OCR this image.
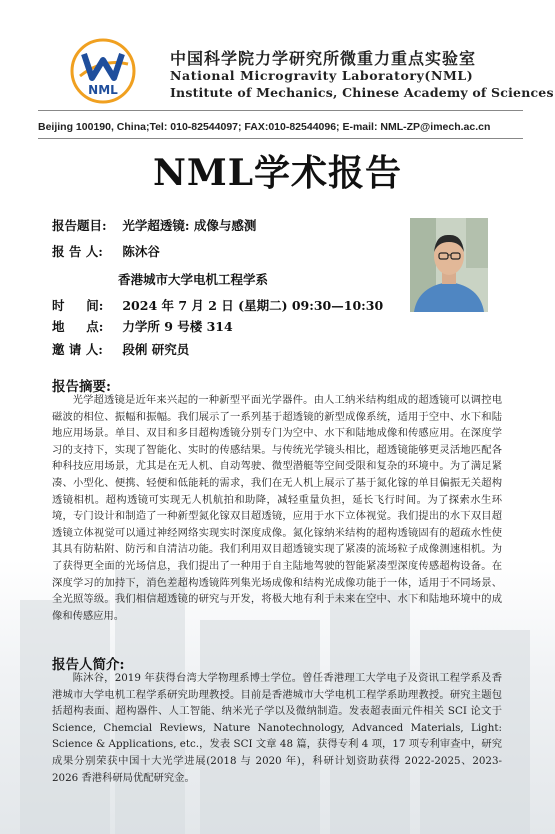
NML
中国科学院力学研究所微重力重点实验室
National Microgravity Laboratory(NML)
Institute of Mechanics, Chinese Academy of Sciences
Beijing 100190, China;Tel: 010-82544097; FAX:010-82544096; E-mail: NML-ZP@imech.ac.cn
NML学术报告
报告题目: 光学超透镜: 成像与感测
报 告 人: 陈沐谷
香港城市大学电机工程学系
时     间: 2024 年 7 月 2 日 (星期二) 09:30—10:30
地     点: 力学所 9 号楼 314
邀 请 人: 段俐 研究员
报告摘要:

光学超透镜是近年来兴起的一种新型平面光学器件。由人工纳米结构组成的超透镜可以调控电磁波的相位、振幅和振幅。我们展示了一系列基于超透镜的新型成像系统，适用于空中、水下和陆地应用场景。单目、双目和多目超构透镜分别专门为空中、水下和陆地成像和传感应用。在深度学习的支持下，实现了智能化、实时的传感结果。与传统光学镜头相比，超透镜能够更灵活地匹配各种科技应用场景，尤其是在无人机、自动驾驶、微型潜艇等空间受限和复杂的环境中。为了满足紧凑、小型化、便携、轻便和低能耗的需求，我们在无人机上展示了基于氮化镓的单目偏振无关超构透镜相机。超构透镜可实现无人机航拍和助降，减轻重量负担，延长飞行时间。为了探索水生环境，专门设计和制造了一种新型氮化镓双目超透镜，应用于水下立体视觉。我们提出的水下双目超透镜立体视觉可以通过神经网络实现实时深度成像。氮化镓纳米结构的超构透镜固有的超疏水性使其具有防粘附、防污和自清洁功能。我们利用双目超透镜实现了紧凑的流场粒子成像测速相机。为了获得更全面的光场信息，我们提出了一种用于自主陆地驾驶的智能紧凑型深度传感超构设备。在深度学习的加持下，消色差超构透镜阵列集光场成像和结构光成像功能于一体，适用于不同场景、全光照等级。我们相信超透镜的研究与开发，将极大地有利于未来在空中、水下和陆地环境中的成像和传感应用。

报告人简介:

陈沐谷，2019 年获得台湾大学物理系博士学位。曾任香港理工大学电子及资讯工程学系及香港城市大学电机工程学系研究助理教授。目前是香港城市大学电机工程学系助理教授。研究主题包括超构表面、超构器件、人工智能、纳米光子学以及微纳制造。发表超表面元件相关 SCI 论文于 Science, Chemcial Reviews, Nature Nanotechnology, Advanced Materials, Light: Science & Applications, etc.，发表 SCI 文章 48 篇，获得专利 4 项，17 项专利审查中，研究成果分别荣获中国十大光学进展(2018 与 2020 年)，科研计划资助获得 2022-2025、2023-2026 香港科研局优配研究金。
